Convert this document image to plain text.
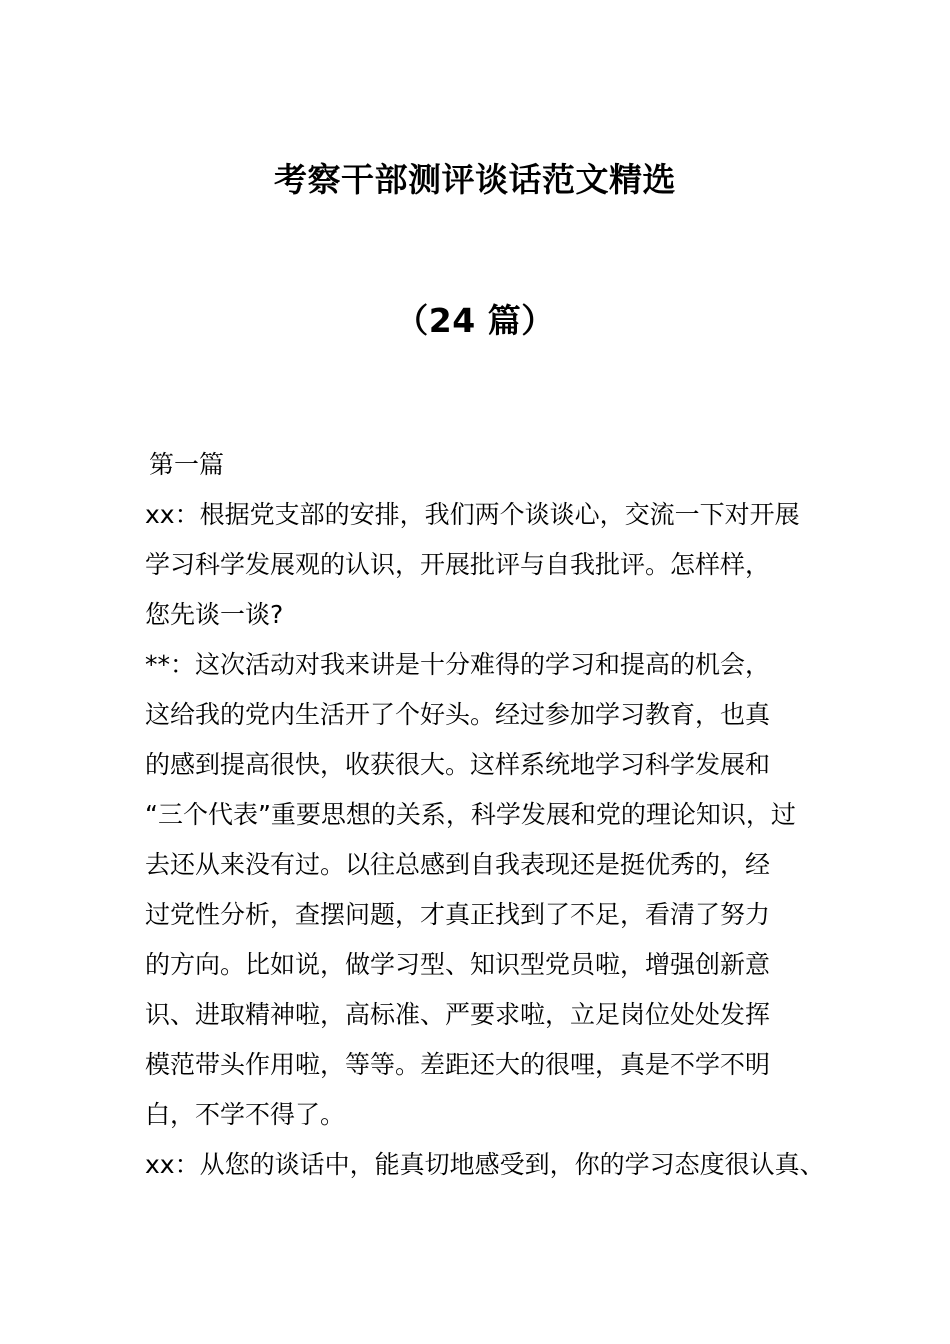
考察干部测评谈话范文精选
（24 篇）
第一篇
xx：根据党支部的安排，我们两个谈谈心，交流一下对开展
学习科学发展观的认识，开展批评与自我批评。怎样样，
您先谈一谈?
**：这次活动对我来讲是十分难得的学习和提高的机会，
这给我的党内生活开了个好头。经过参加学习教育，也真
的感到提高很快，收获很大。这样系统地学习科学发展和
“三个代表”重要思想的关系，科学发展和党的理论知识，过
去还从来没有过。以往总感到自我表现还是挺优秀的，经
过党性分析，查摆问题，才真正找到了不足，看清了努力
的方向。比如说，做学习型、知识型党员啦，增强创新意
识、进取精神啦，高标准、严要求啦，立足岗位处处发挥
模范带头作用啦，等等。差距还大的很哩，真是不学不明
白，不学不得了。
xx：从您的谈话中，能真切地感受到，你的学习态度很认真、
